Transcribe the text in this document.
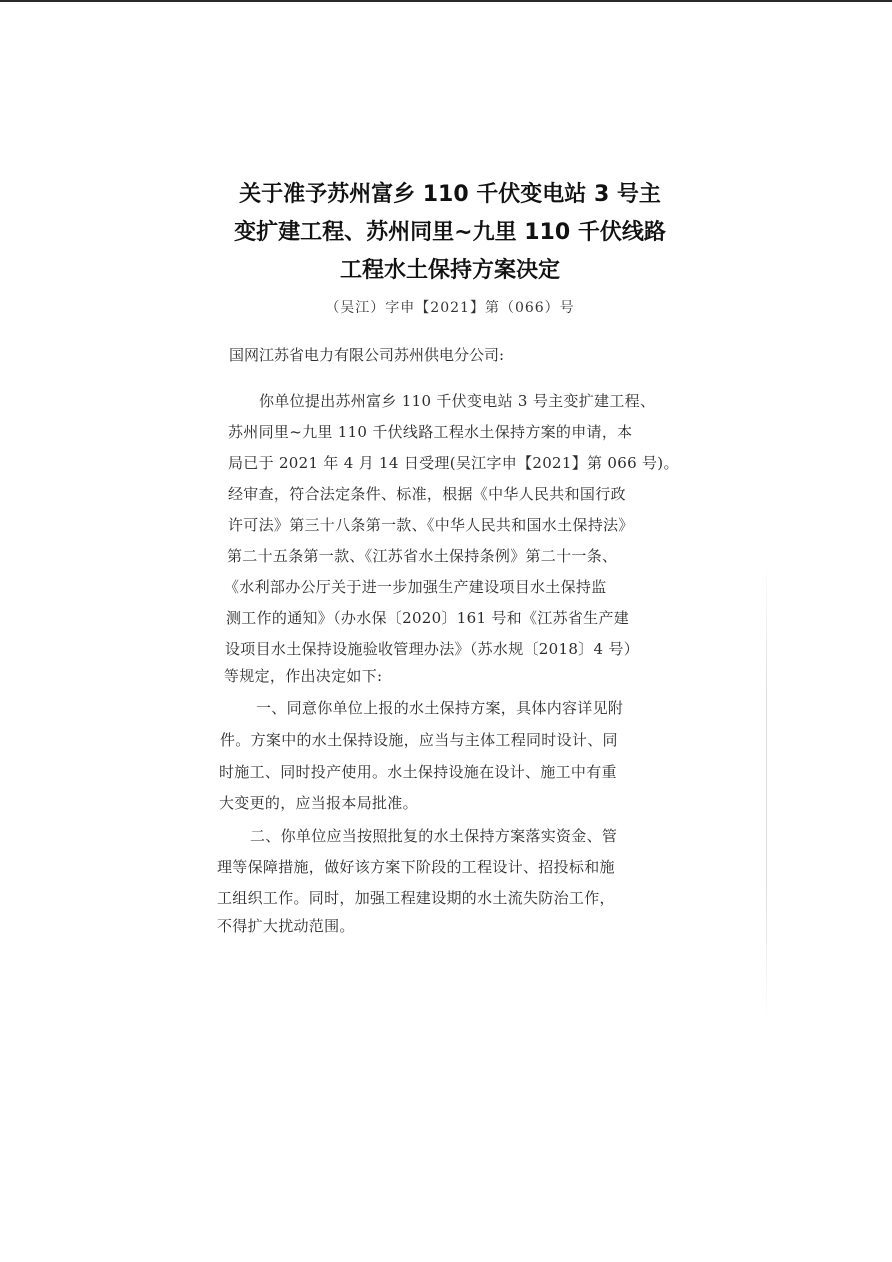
关于准予苏州富乡 110 千伏变电站 3 号主
变扩建工程、苏州同里~九里 110 千伏线路
工程水土保持方案决定
（吴江）字申【2021】第（066）号
国网江苏省电力有限公司苏州供电分公司:
你单位提出苏州富乡 110 千伏变电站 3 号主变扩建工程、
苏州同里~九里 110 千伏线路工程水土保持方案的申请，本
局已于 2021 年 4 月 14 日受理(吴江字申【2021】第 066 号)。
经审查，符合法定条件、标准，根据《中华人民共和国行政
许可法》第三十八条第一款、《中华人民共和国水土保持法》
第二十五条第一款、《江苏省水土保持条例》第二十一条、
《水利部办公厅关于进一步加强生产建设项目水土保持监
测工作的通知》（办水保〔2020〕161 号和《江苏省生产建
设项目水土保持设施验收管理办法》（苏水规〔2018〕4 号）
等规定，作出决定如下:
一、同意你单位上报的水土保持方案，具体内容详见附
件。方案中的水土保持设施，应当与主体工程同时设计、同
时施工、同时投产使用。水土保持设施在设计、施工中有重
大变更的，应当报本局批准。
二、你单位应当按照批复的水土保持方案落实资金、管
理等保障措施，做好该方案下阶段的工程设计、招投标和施
工组织工作。同时，加强工程建设期的水土流失防治工作，
不得扩大扰动范围。
